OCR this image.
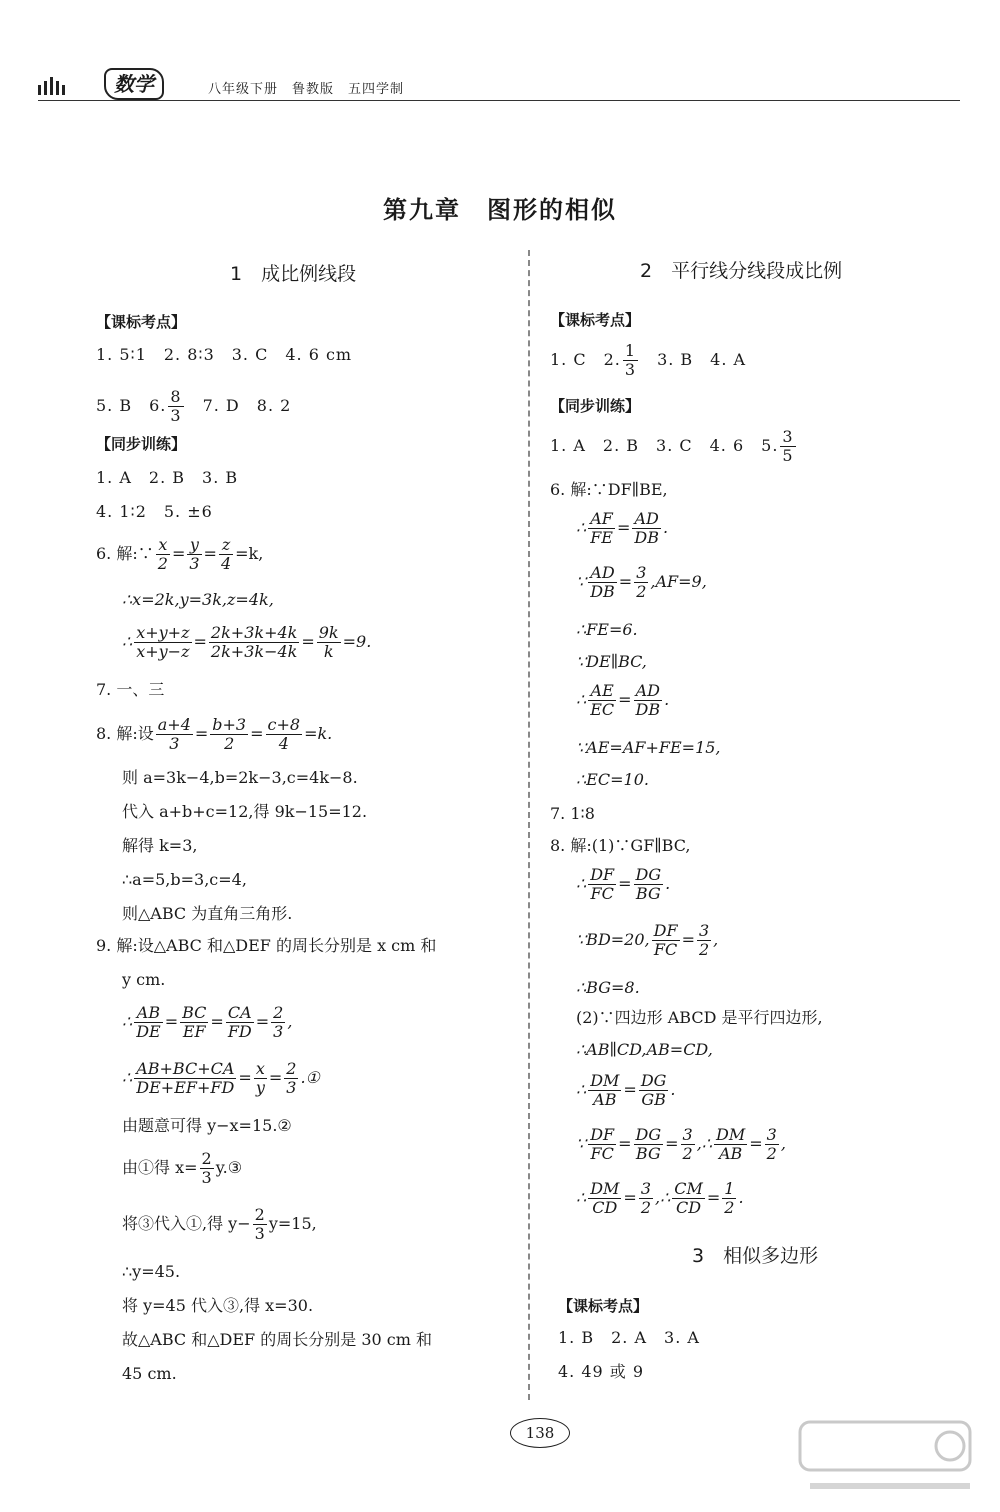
数学	八年级下册　鲁教版　五四学制
第九章　图形的相似
1　成比例线段
【课标考点】
1. 5∶1　2. 8∶3　3. C　4. 6 cm
5. B　6. $\frac{8}{3}$ 　7. D　8. 2
【同步训练】
1. A　2. B　3. B
4. 1∶2　5. ±6
6. 解:∵ $\frac{x}{2} = \frac{y}{3} = \frac{z}{4} =k$,
∴x=2k,y=3k,z=4k,
∴ $\frac{x+y+z}{x+y-z} = \frac{2k+3k+4k}{2k+3k-4k} = \frac{9k}{k} =9$.
7. 一、三
8. 解:设 $\frac{a+4}{3} = \frac{b+3}{2} = \frac{c+8}{4} =k$.
则 a=3k−4,b=2k−3,c=4k−8.
代入 a+b+c=12,得 9k−15=12.
解得 k=3,
∴a=5,b=3,c=4,
则△ABC 为直角三角形.
9. 解:设△ABC 和△DEF 的周长分别是 x cm 和
y cm.
∴ $\frac{AB}{DE} = \frac{BC}{EF} = \frac{CA}{FD} = \frac{2}{3}$ ,
∴ $\frac{AB+BC+CA}{DE+EF+FD} = \frac{x}{y} = \frac{2}{3}$ .①
由题意可得 y−x=15.②
由①得 $x= \frac{2}{3}$ y.③
将③代入①,得 $y- \frac{2}{3} y=15$,
∴y=45.
将 y=45 代入③,得 x=30.
故△ABC 和△DEF 的周长分别是 30 cm 和
45 cm.
2　平行线分线段成比例
【课标考点】
1. C　2. $\frac{1}{3}$ 　3. B　4. A
【同步训练】
1. A　2. B　3. C　4. 6　5. $\frac{3}{5}$
6. 解:∵DF∥BE,
∴ $\frac{AF}{FE} = \frac{AD}{DB}$ .
∵ $\frac{AD}{DB} = \frac{3}{2} ,AF=9$,
∴FE=6.
∵DE∥BC,
∴ $\frac{AE}{EC} = \frac{AD}{DB}$ .
∵AE=AF+FE=15,
∴EC=10.
7. 1∶8
8. 解:(1)∵GF∥BC,
∴ $\frac{DF}{FC} = \frac{DG}{BG}$ .
∵BD=20, $\frac{DF}{FC} = \frac{3}{2}$ ,
∴BG=8.
(2)∵四边形 ABCD 是平行四边形,
∴AB∥CD,AB=CD,
∴ $\frac{DM}{AB} = \frac{DG}{GB}$ .
∵ $\frac{DF}{FC} = \frac{DG}{BG} = \frac{3}{2}$ ,∴ $\frac{DM}{AB} = \frac{3}{2}$ ,
∴ $\frac{DM}{CD} = \frac{3}{2}$ ,∴ $\frac{CM}{CD} = \frac{1}{2}$ .
3　相似多边形
【课标考点】
1. B　2. A　3. A
4. 49 或 9
138
